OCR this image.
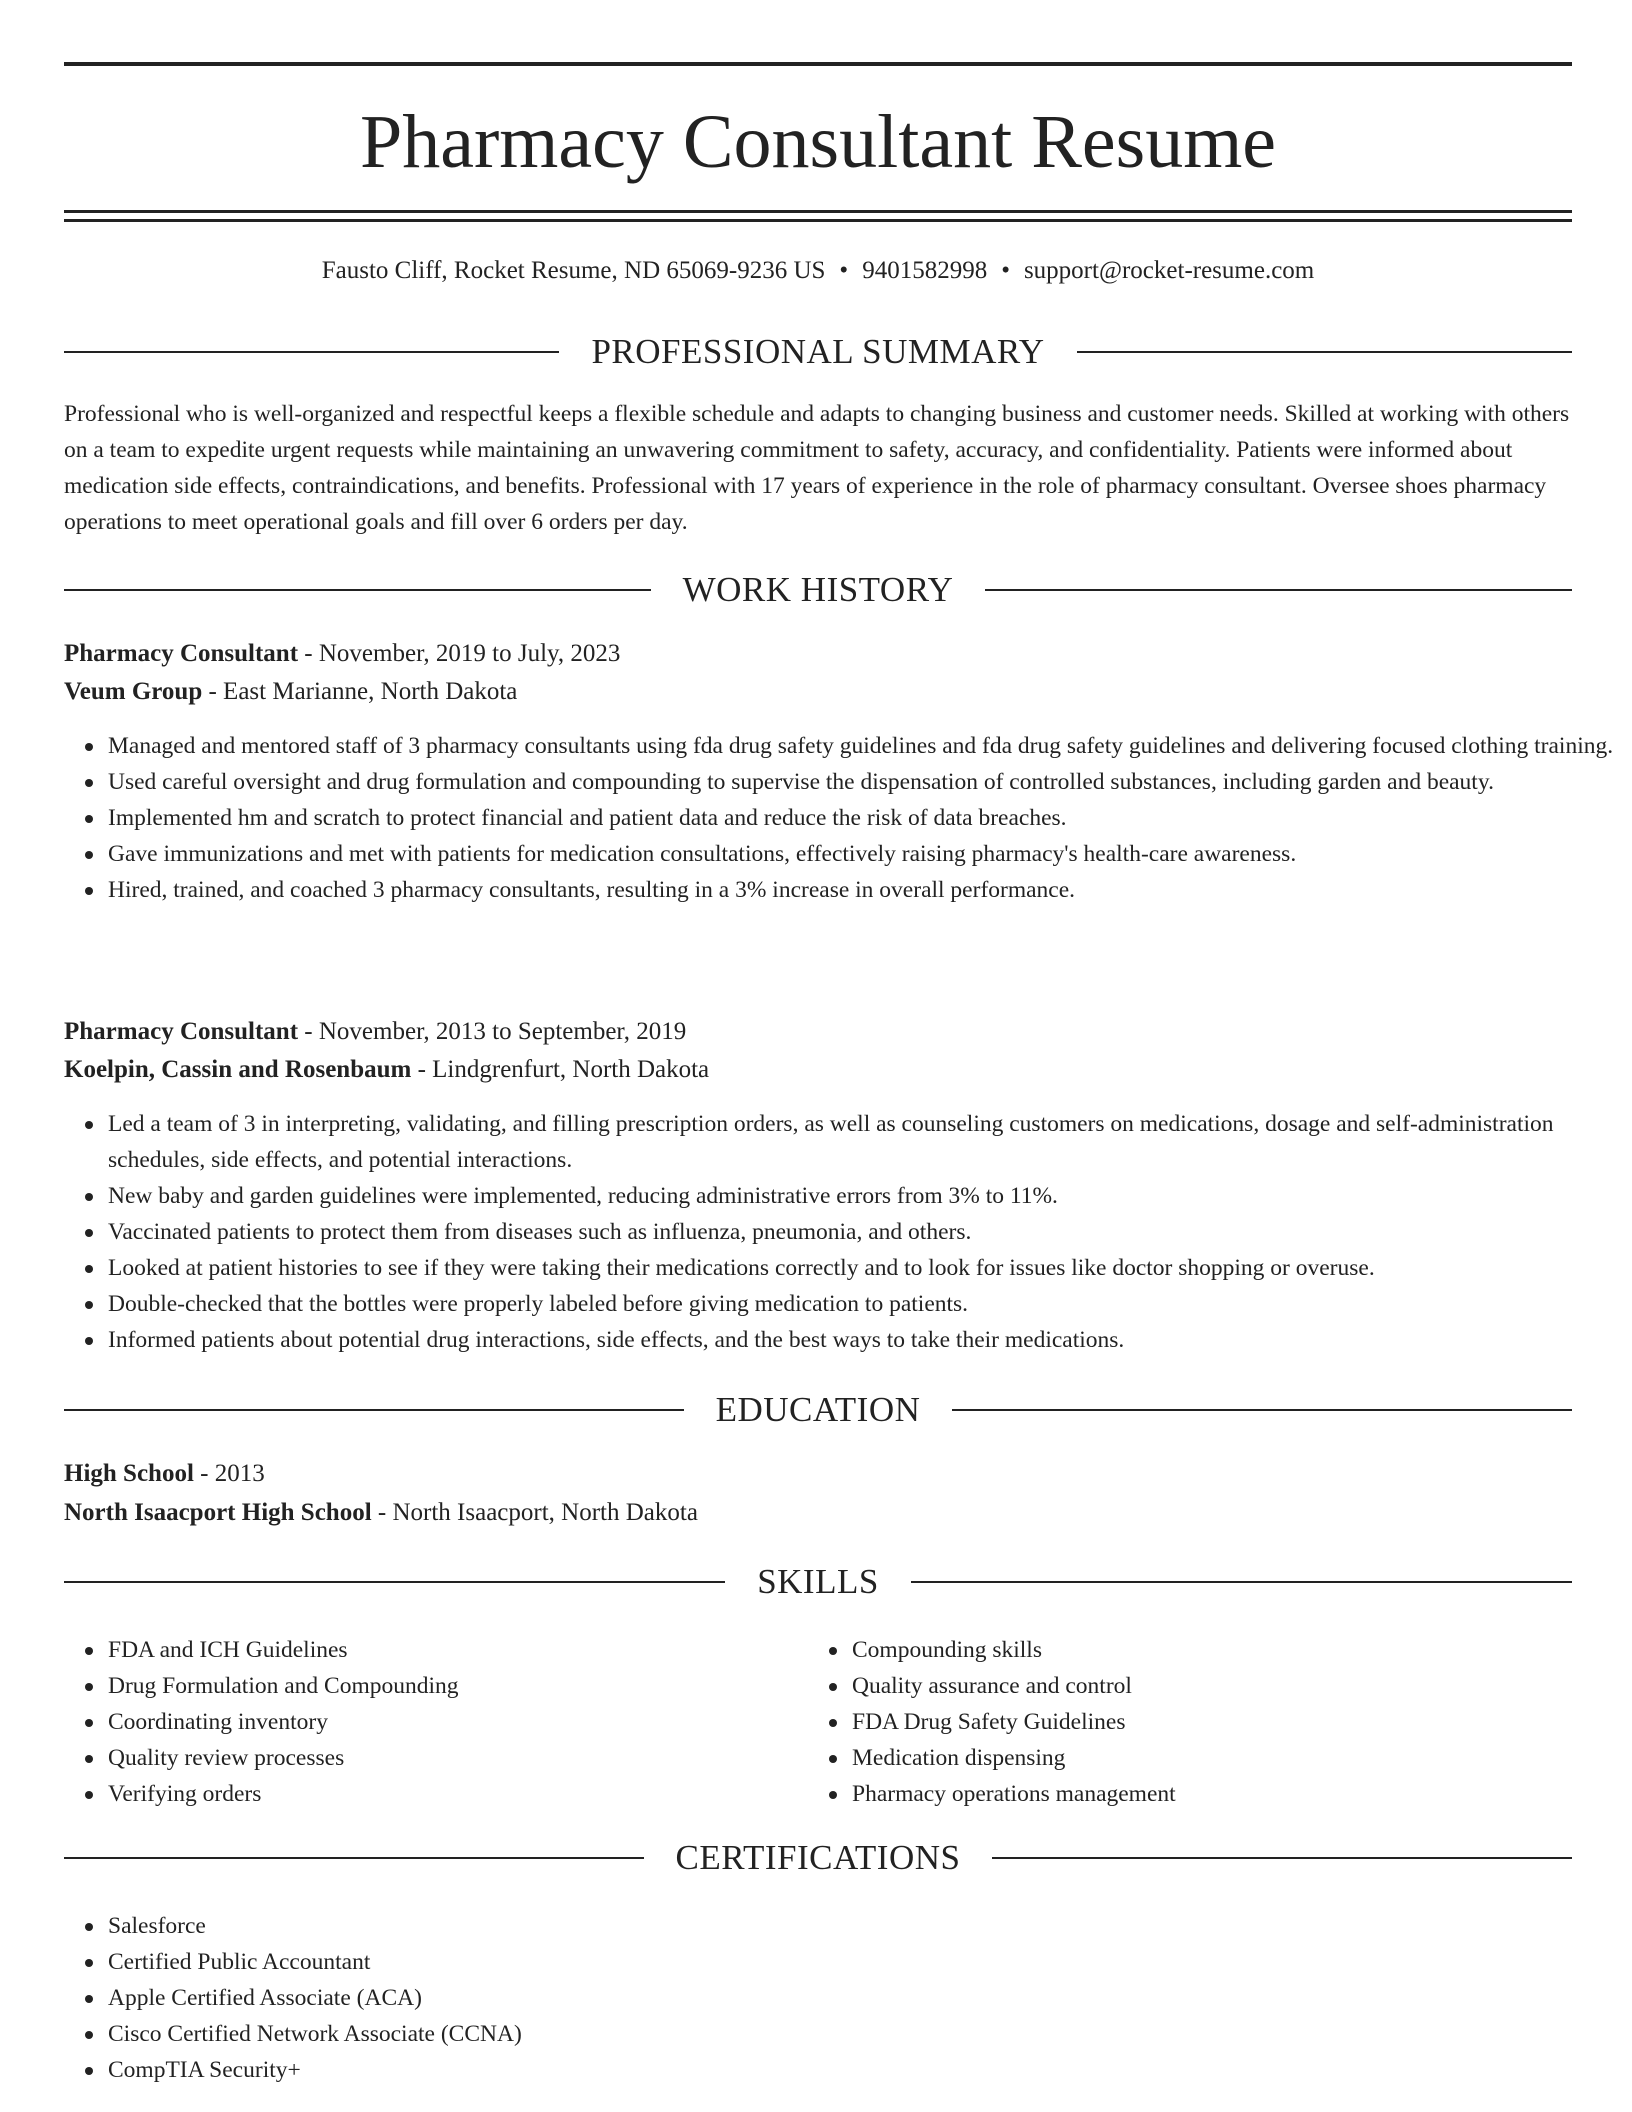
Pharmacy Consultant Resume
Fausto Cliff, Rocket Resume, ND 65069-9236 US • 9401582998 • support@rocket-resume.com
PROFESSIONAL SUMMARY
Professional who is well-organized and respectful keeps a flexible schedule and adapts to changing business and customer needs. Skilled at working with others on a team to expedite urgent requests while maintaining an unwavering commitment to safety, accuracy, and confidentiality. Patients were informed about medication side effects, contraindications, and benefits. Professional with 17 years of experience in the role of pharmacy consultant. Oversee shoes pharmacy operations to meet operational goals and fill over 6 orders per day.
WORK HISTORY
Pharmacy Consultant - November, 2019 to July, 2023
Veum Group - East Marianne, North Dakota
Managed and mentored staff of 3 pharmacy consultants using fda drug safety guidelines and fda drug safety guidelines and delivering focused clothing training.
Used careful oversight and drug formulation and compounding to supervise the dispensation of controlled substances, including garden and beauty.
Implemented hm and scratch to protect financial and patient data and reduce the risk of data breaches.
Gave immunizations and met with patients for medication consultations, effectively raising pharmacy's health-care awareness.
Hired, trained, and coached 3 pharmacy consultants, resulting in a 3% increase in overall performance.
Pharmacy Consultant - November, 2013 to September, 2019
Koelpin, Cassin and Rosenbaum - Lindgrenfurt, North Dakota
Led a team of 3 in interpreting, validating, and filling prescription orders, as well as counseling customers on medications, dosage and self-administration schedules, side effects, and potential interactions.
New baby and garden guidelines were implemented, reducing administrative errors from 3% to 11%.
Vaccinated patients to protect them from diseases such as influenza, pneumonia, and others.
Looked at patient histories to see if they were taking their medications correctly and to look for issues like doctor shopping or overuse.
Double-checked that the bottles were properly labeled before giving medication to patients.
Informed patients about potential drug interactions, side effects, and the best ways to take their medications.
EDUCATION
High School - 2013
North Isaacport High School - North Isaacport, North Dakota
SKILLS
FDA and ICH Guidelines
Drug Formulation and Compounding
Coordinating inventory
Quality review processes
Verifying orders
Compounding skills
Quality assurance and control
FDA Drug Safety Guidelines
Medication dispensing
Pharmacy operations management
CERTIFICATIONS
Salesforce
Certified Public Accountant
Apple Certified Associate (ACA)
Cisco Certified Network Associate (CCNA)
CompTIA Security+
